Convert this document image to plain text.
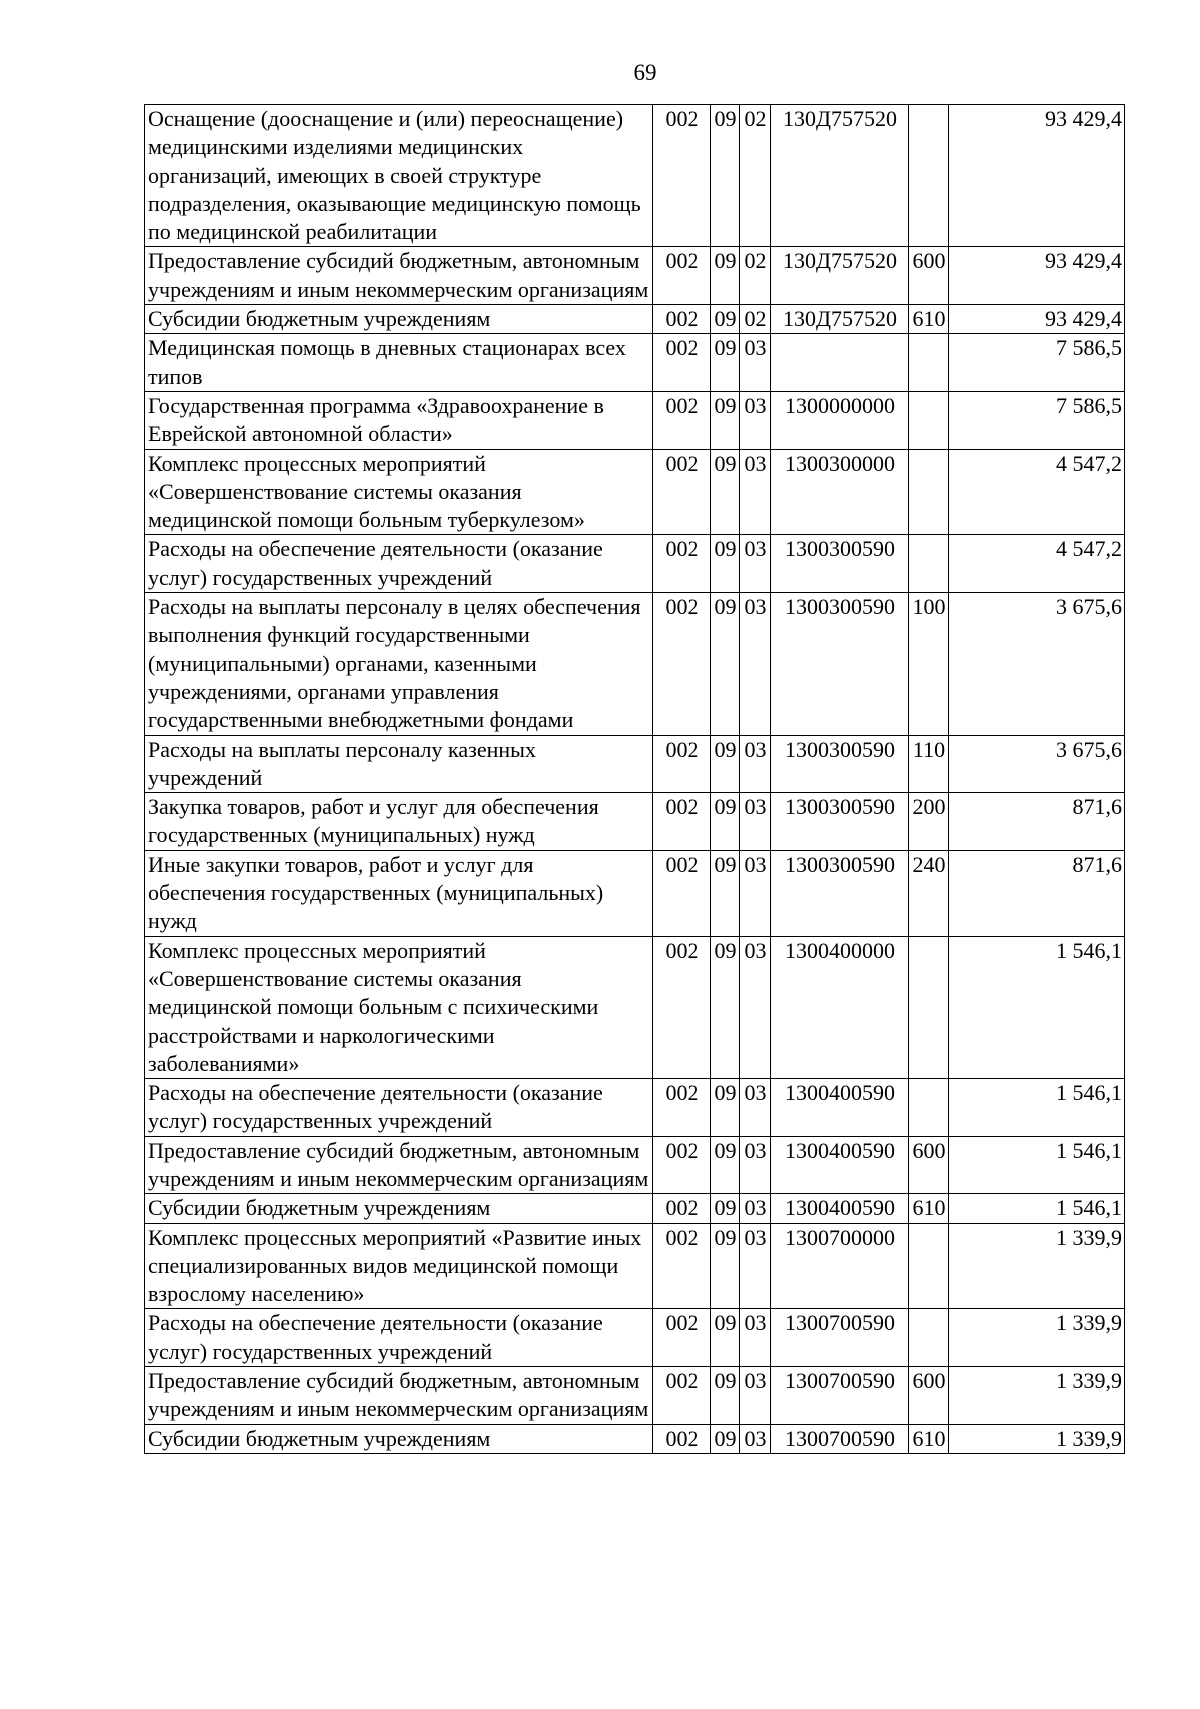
69
Оснащение (дооснащение и (или) переоснащение) медицинскими изделиями медицинских организаций, имеющих в своей структуре подразделения, оказывающие медицинскую помощь по медицинской реабилитации	002	09	02	130Д757520		93 429,4
Предоставление субсидий бюджетным, автономным учреждениям и иным некоммерческим организациям	002	09	02	130Д757520	600	93 429,4
Субсидии бюджетным учреждениям	002	09	02	130Д757520	610	93 429,4
Медицинская помощь в дневных стационарах всех типов	002	09	03			7 586,5
Государственная программа «Здравоохранение в Еврейской автономной области»	002	09	03	1300000000		7 586,5
Комплекс процессных мероприятий «Совершенствование системы оказания медицинской помощи больным туберкулезом»	002	09	03	1300300000		4 547,2
Расходы на обеспечение деятельности (оказание услуг) государственных учреждений	002	09	03	1300300590		4 547,2
Расходы на выплаты персоналу в целях обеспечения выполнения функций государственными (муниципальными) органами, казенными учреждениями, органами управления государственными внебюджетными фондами	002	09	03	1300300590	100	3 675,6
Расходы на выплаты персоналу казенных учреждений	002	09	03	1300300590	110	3 675,6
Закупка товаров, работ и услуг для обеспечения государственных (муниципальных) нужд	002	09	03	1300300590	200	871,6
Иные закупки товаров, работ и услуг для обеспечения государственных (муниципальных) нужд	002	09	03	1300300590	240	871,6
Комплекс процессных мероприятий «Совершенствование системы оказания медицинской помощи больным с психическими расстройствами и наркологическими заболеваниями»	002	09	03	1300400000		1 546,1
Расходы на обеспечение деятельности (оказание услуг) государственных учреждений	002	09	03	1300400590		1 546,1
Предоставление субсидий бюджетным, автономным учреждениям и иным некоммерческим организациям	002	09	03	1300400590	600	1 546,1
Субсидии бюджетным учреждениям	002	09	03	1300400590	610	1 546,1
Комплекс процессных мероприятий «Развитие иных специализированных видов медицинской помощи взрослому населению»	002	09	03	1300700000		1 339,9
Расходы на обеспечение деятельности (оказание услуг) государственных учреждений	002	09	03	1300700590		1 339,9
Предоставление субсидий бюджетным, автономным учреждениям и иным некоммерческим организациям	002	09	03	1300700590	600	1 339,9
Субсидии бюджетным учреждениям	002	09	03	1300700590	610	1 339,9
